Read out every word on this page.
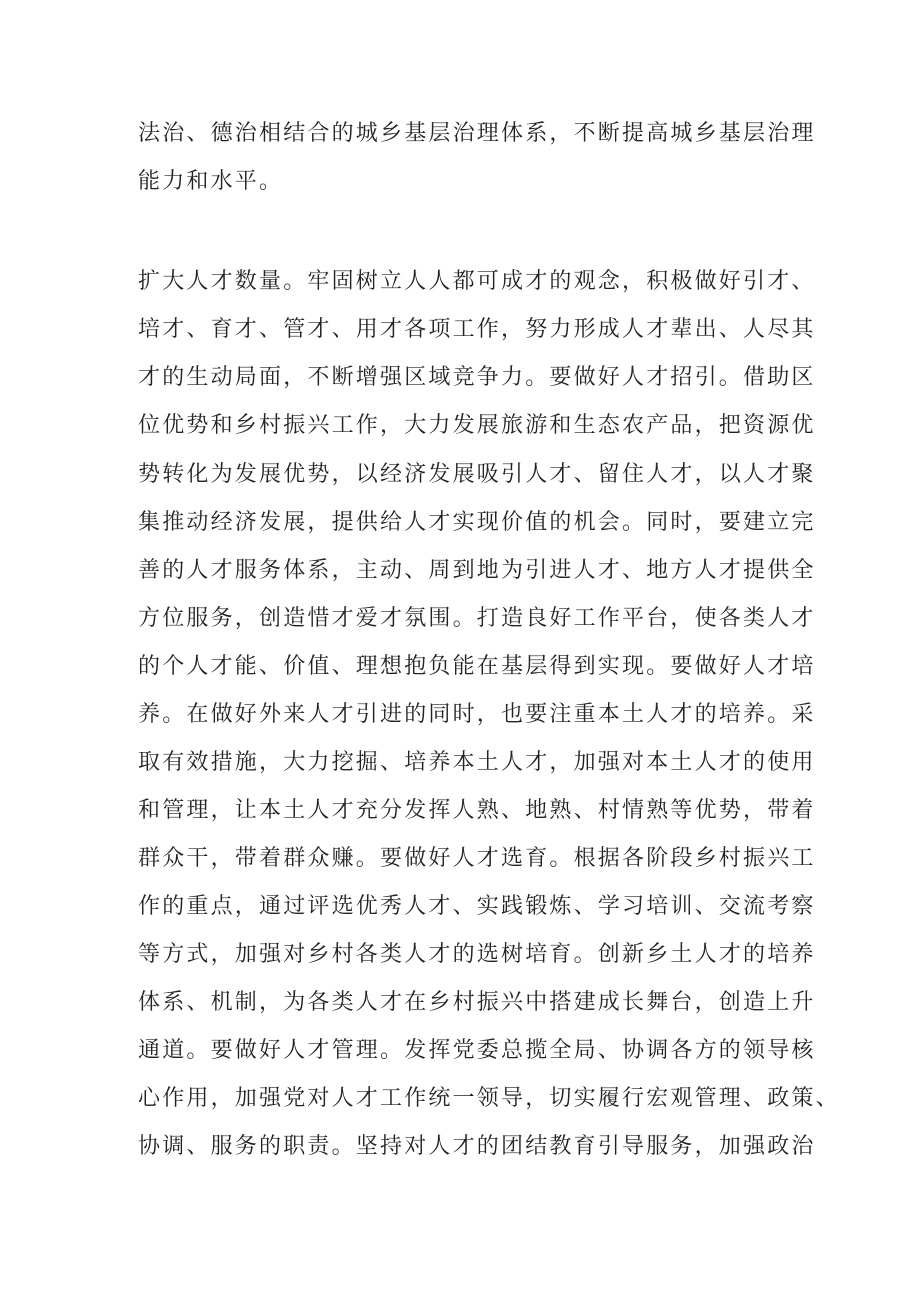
法治、德治相结合的城乡基层治理体系，不断提高城乡基层治理
能力和水平。
扩大人才数量。牢固树立人人都可成才的观念，积极做好引才、
培才、育才、管才、用才各项工作，努力形成人才辈出、人尽其
才的生动局面，不断增强区域竞争力。要做好人才招引。借助区
位优势和乡村振兴工作，大力发展旅游和生态农产品，把资源优
势转化为发展优势，以经济发展吸引人才、留住人才，以人才聚
集推动经济发展，提供给人才实现价值的机会。同时，要建立完
善的人才服务体系，主动、周到地为引进人才、地方人才提供全
方位服务，创造惜才爱才氛围。打造良好工作平台，使各类人才
的个人才能、价值、理想抱负能在基层得到实现。要做好人才培
养。在做好外来人才引进的同时，也要注重本土人才的培养。采
取有效措施，大力挖掘、培养本土人才，加强对本土人才的使用
和管理，让本土人才充分发挥人熟、地熟、村情熟等优势，带着
群众干，带着群众赚。要做好人才选育。根据各阶段乡村振兴工
作的重点，通过评选优秀人才、实践锻炼、学习培训、交流考察
等方式，加强对乡村各类人才的选树培育。创新乡土人才的培养
体系、机制，为各类人才在乡村振兴中搭建成长舞台，创造上升
通道。要做好人才管理。发挥党委总揽全局、协调各方的领导核
心作用，加强党对人才工作统一领导，切实履行宏观管理、政策、
协调、服务的职责。坚持对人才的团结教育引导服务，加强政治
